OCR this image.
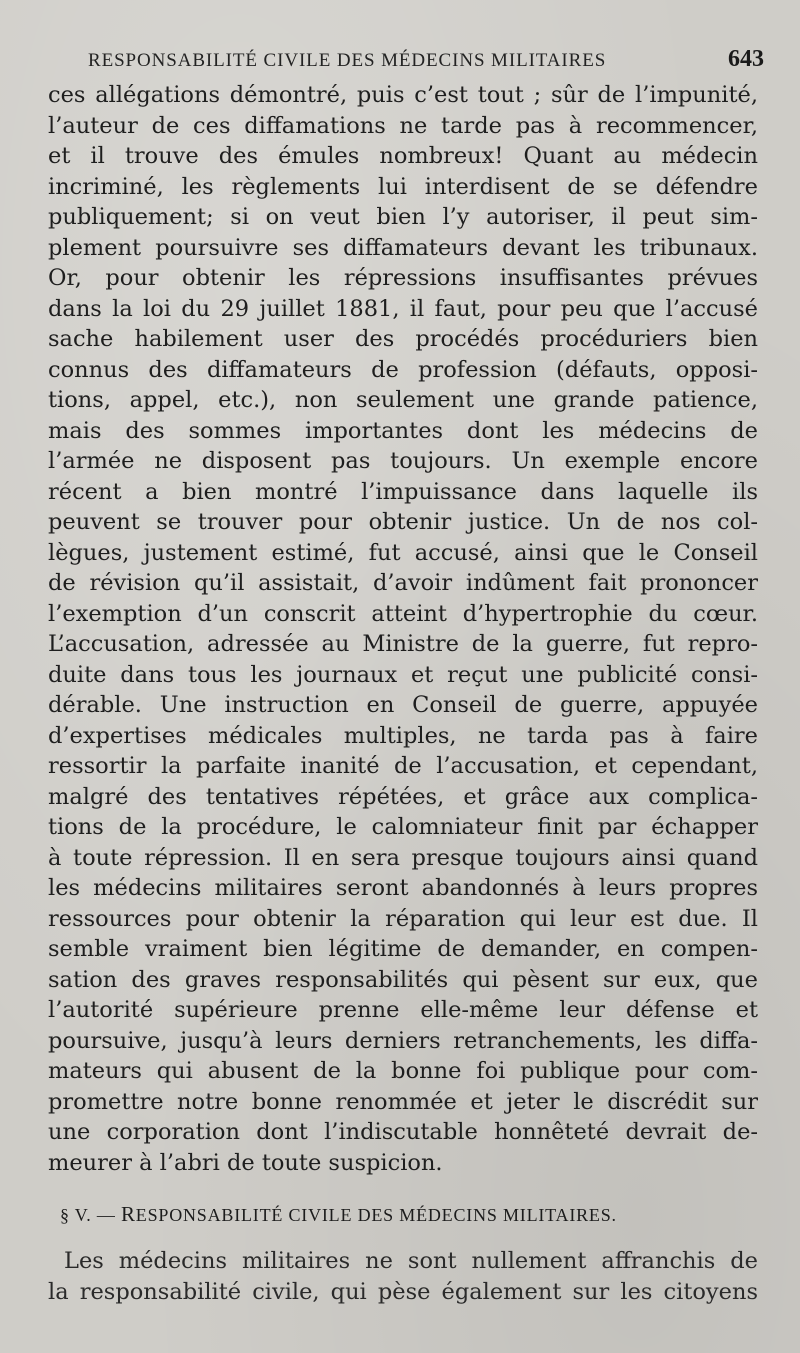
RESPONSABILITÉ CIVILE DES MÉDECINS MILITAIRES	643
ces allégations démontré, puis c’est tout ; sûr de l’impunité,
l’auteur de ces diffamations ne tarde pas à recommencer,
et il trouve des émules nombreux! Quant au médecin
incriminé, les règlements lui interdisent de se défendre
publiquement; si on veut bien l’y autoriser, il peut sim-
plement poursuivre ses diffamateurs devant les tribunaux.
Or, pour obtenir les répressions insuffisantes prévues
dans la loi du 29 juillet 1881, il faut, pour peu que l’accusé
sache habilement user des procédés procéduriers bien
connus des diffamateurs de profession (défauts, opposi-
tions, appel, etc.), non seulement une grande patience,
mais des sommes importantes dont les médecins de
l’armée ne disposent pas toujours. Un exemple encore
récent a bien montré l’impuissance dans laquelle ils
peuvent se trouver pour obtenir justice. Un de nos col-
lègues, justement estimé, fut accusé, ainsi que le Conseil
de révision qu’il assistait, d’avoir indûment fait prononcer
l’exemption d’un conscrit atteint d’hypertrophie du cœur.
L’accusation, adressée au Ministre de la guerre, fut repro-
duite dans tous les journaux et reçut une publicité consi-
dérable. Une instruction en Conseil de guerre, appuyée
d’expertises médicales multiples, ne tarda pas à faire
ressortir la parfaite inanité de l’accusation, et cependant,
malgré des tentatives répétées, et grâce aux complica-
tions de la procédure, le calomniateur finit par échapper
à toute répression. Il en sera presque toujours ainsi quand
les médecins militaires seront abandonnés à leurs propres
ressources pour obtenir la réparation qui leur est due. Il
semble vraiment bien légitime de demander, en compen-
sation des graves responsabilités qui pèsent sur eux, que
l’autorité supérieure prenne elle-même leur défense et
poursuive, jusqu’à leurs derniers retranchements, les diffa-
mateurs qui abusent de la bonne foi publique pour com-
promettre notre bonne renommée et jeter le discrédit sur
une corporation dont l’indiscutable honnêteté devrait de-
meurer à l’abri de toute suspicion.
§ V. — RESPONSABILITÉ CIVILE DES MÉDECINS MILITAIRES.
Les médecins militaires ne sont nullement affranchis de
la responsabilité civile, qui pèse également sur les citoyens
